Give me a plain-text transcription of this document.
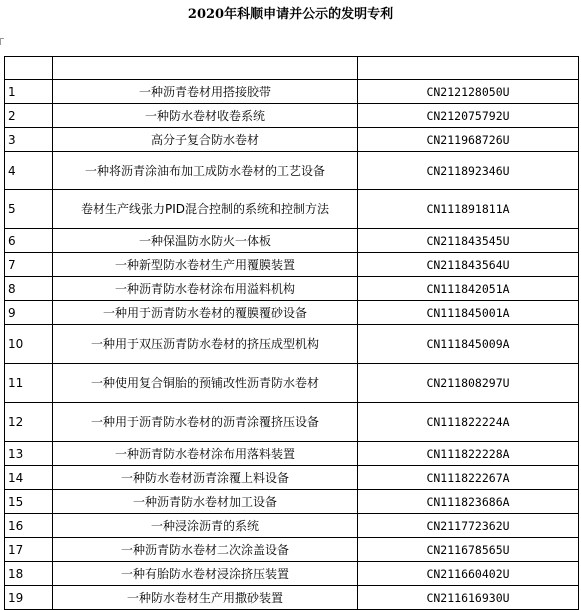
2020年科顺申请并公示的发明专利

1	一种沥青卷材用搭接胶带	CN212128050U
2	一种防水卷材收卷系统	CN212075792U
3	高分子复合防水卷材	CN211968726U
4	一种将沥青涂油布加工成防水卷材的工艺设备	CN211892346U
5	卷材生产线张力PID混合控制的系统和控制方法	CN111891811A
6	一种保温防水防火一体板	CN211843545U
7	一种新型防水卷材生产用覆膜装置	CN211843564U
8	一种沥青防水卷材涂布用溢料机构	CN111842051A
9	一种用于沥青防水卷材的覆膜覆砂设备	CN111845001A
10	一种用于双压沥青防水卷材的挤压成型机构	CN111845009A
11	一种使用复合铜胎的预铺改性沥青防水卷材	CN211808297U
12	一种用于沥青防水卷材的沥青涂覆挤压设备	CN111822224A
13	一种沥青防水卷材涂布用落料装置	CN111822228A
14	一种防水卷材沥青涂覆上料设备	CN111822267A
15	一种沥青防水卷材加工设备	CN111823686A
16	一种浸涂沥青的系统	CN211772362U
17	一种沥青防水卷材二次涂盖设备	CN211678565U
18	一种有胎防水卷材浸涂挤压装置	CN211660402U
19	一种防水卷材生产用撒砂装置	CN211616930U
